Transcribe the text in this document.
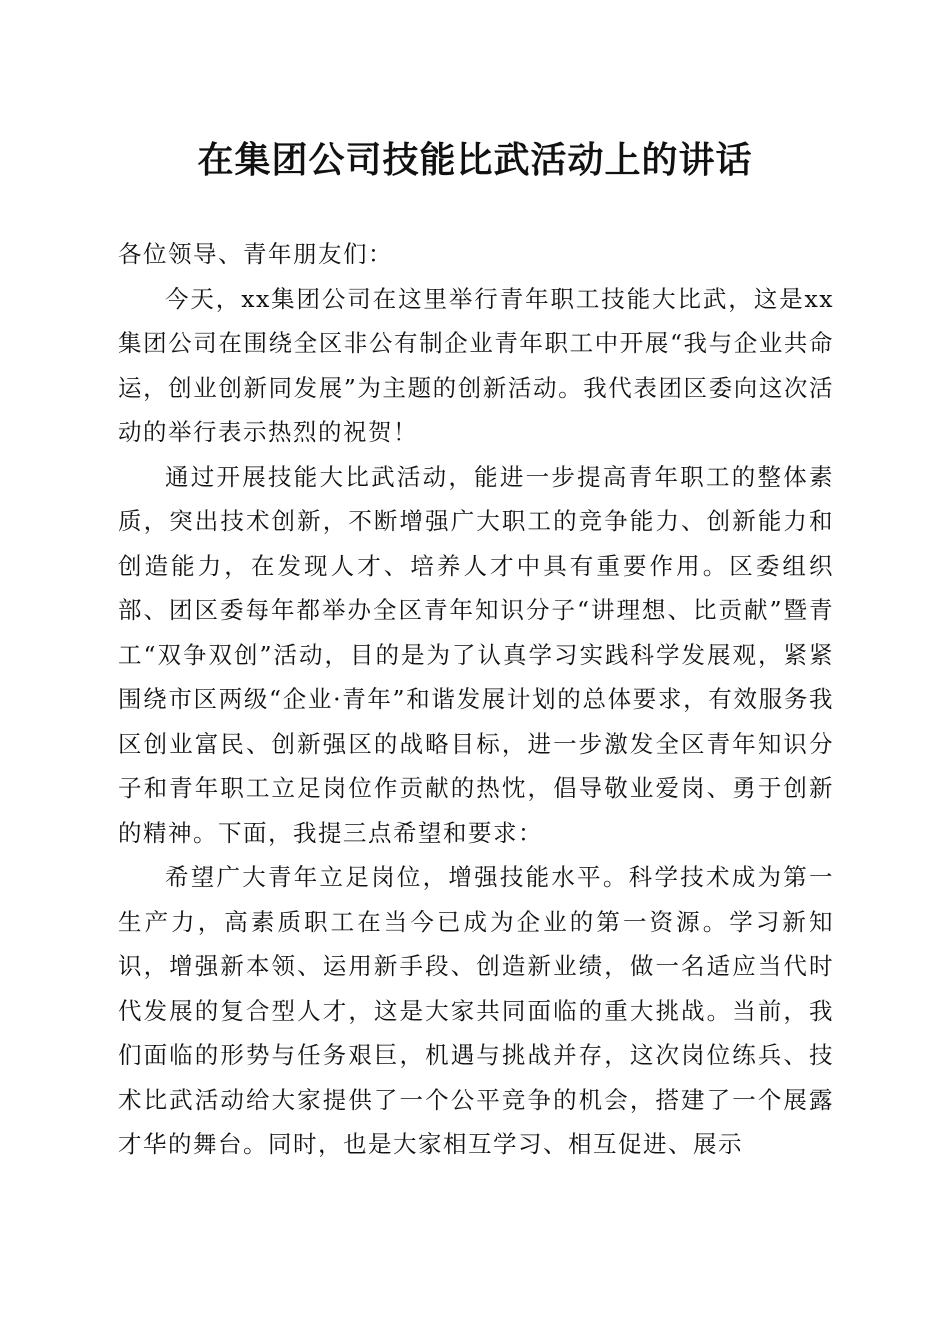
在集团公司技能比武活动上的讲话

各位领导、青年朋友们：

今天，xx集团公司在这里举行青年职工技能大比武，这是xx集团公司在围绕全区非公有制企业青年职工中开展“我与企业共命运，创业创新同发展”为主题的创新活动。我代表团区委向这次活动的举行表示热烈的祝贺！

通过开展技能大比武活动，能进一步提高青年职工的整体素质，突出技术创新，不断增强广大职工的竞争能力、创新能力和创造能力，在发现人才、培养人才中具有重要作用。区委组织部、团区委每年都举办全区青年知识分子“讲理想、比贡献”暨青工“双争双创”活动，目的是为了认真学习实践科学发展观，紧紧围绕市区两级“企业·青年”和谐发展计划的总体要求，有效服务我区创业富民、创新强区的战略目标，进一步激发全区青年知识分子和青年职工立足岗位作贡献的热忱，倡导敬业爱岗、勇于创新的精神。下面，我提三点希望和要求：

希望广大青年立足岗位，增强技能水平。科学技术成为第一生产力，高素质职工在当今已成为企业的第一资源。学习新知识，增强新本领、运用新手段、创造新业绩，做一名适应当代时代发展的复合型人才，这是大家共同面临的重大挑战。当前，我们面临的形势与任务艰巨，机遇与挑战并存，这次岗位练兵、技术比武活动给大家提供了一个公平竞争的机会，搭建了一个展露才华的舞台。同时，也是大家相互学习、相互促进、展示
